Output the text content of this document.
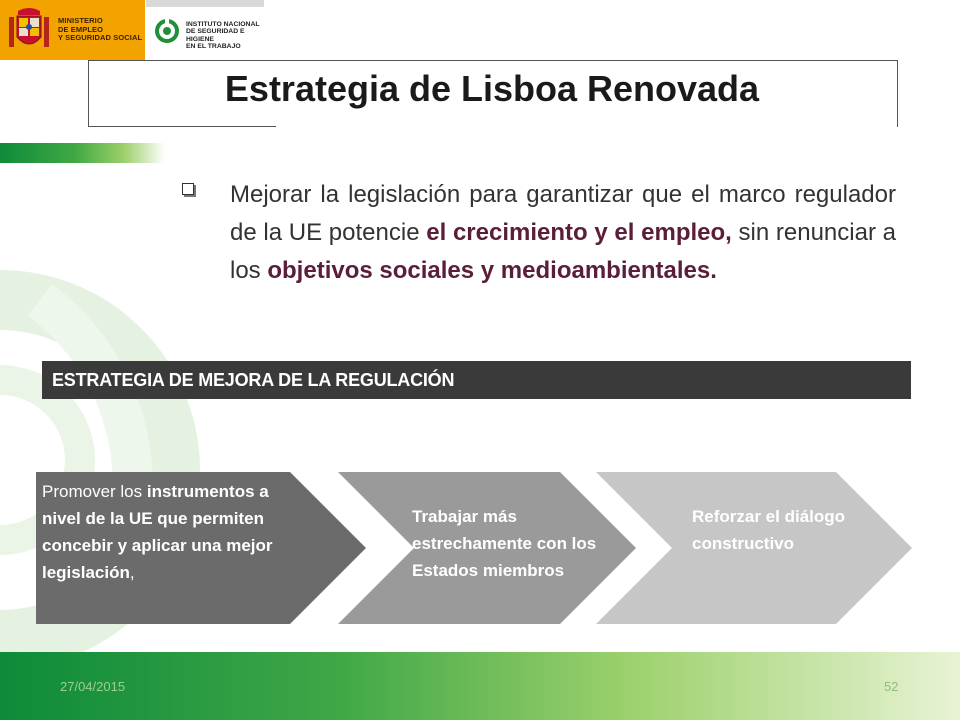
MINISTERIO
DE EMPLEO
Y SEGURIDAD SOCIAL
INSTITUTO NACIONAL
DE SEGURIDAD E HIGIENE
EN EL TRABAJO
Estrategia de Lisboa Renovada
Mejorar la legislación para garantizar que el marco regulador de la UE potencie el crecimiento y el empleo, sin renunciar a los objetivos sociales y medioambientales.
ESTRATEGIA DE MEJORA DE LA REGULACIÓN
Promover los instrumentos a nivel de la UE que permiten concebir y aplicar una mejor legislación,
Trabajar más estrechamente con los Estados miembros
Reforzar el diálogo constructivo
27/04/2015	52
